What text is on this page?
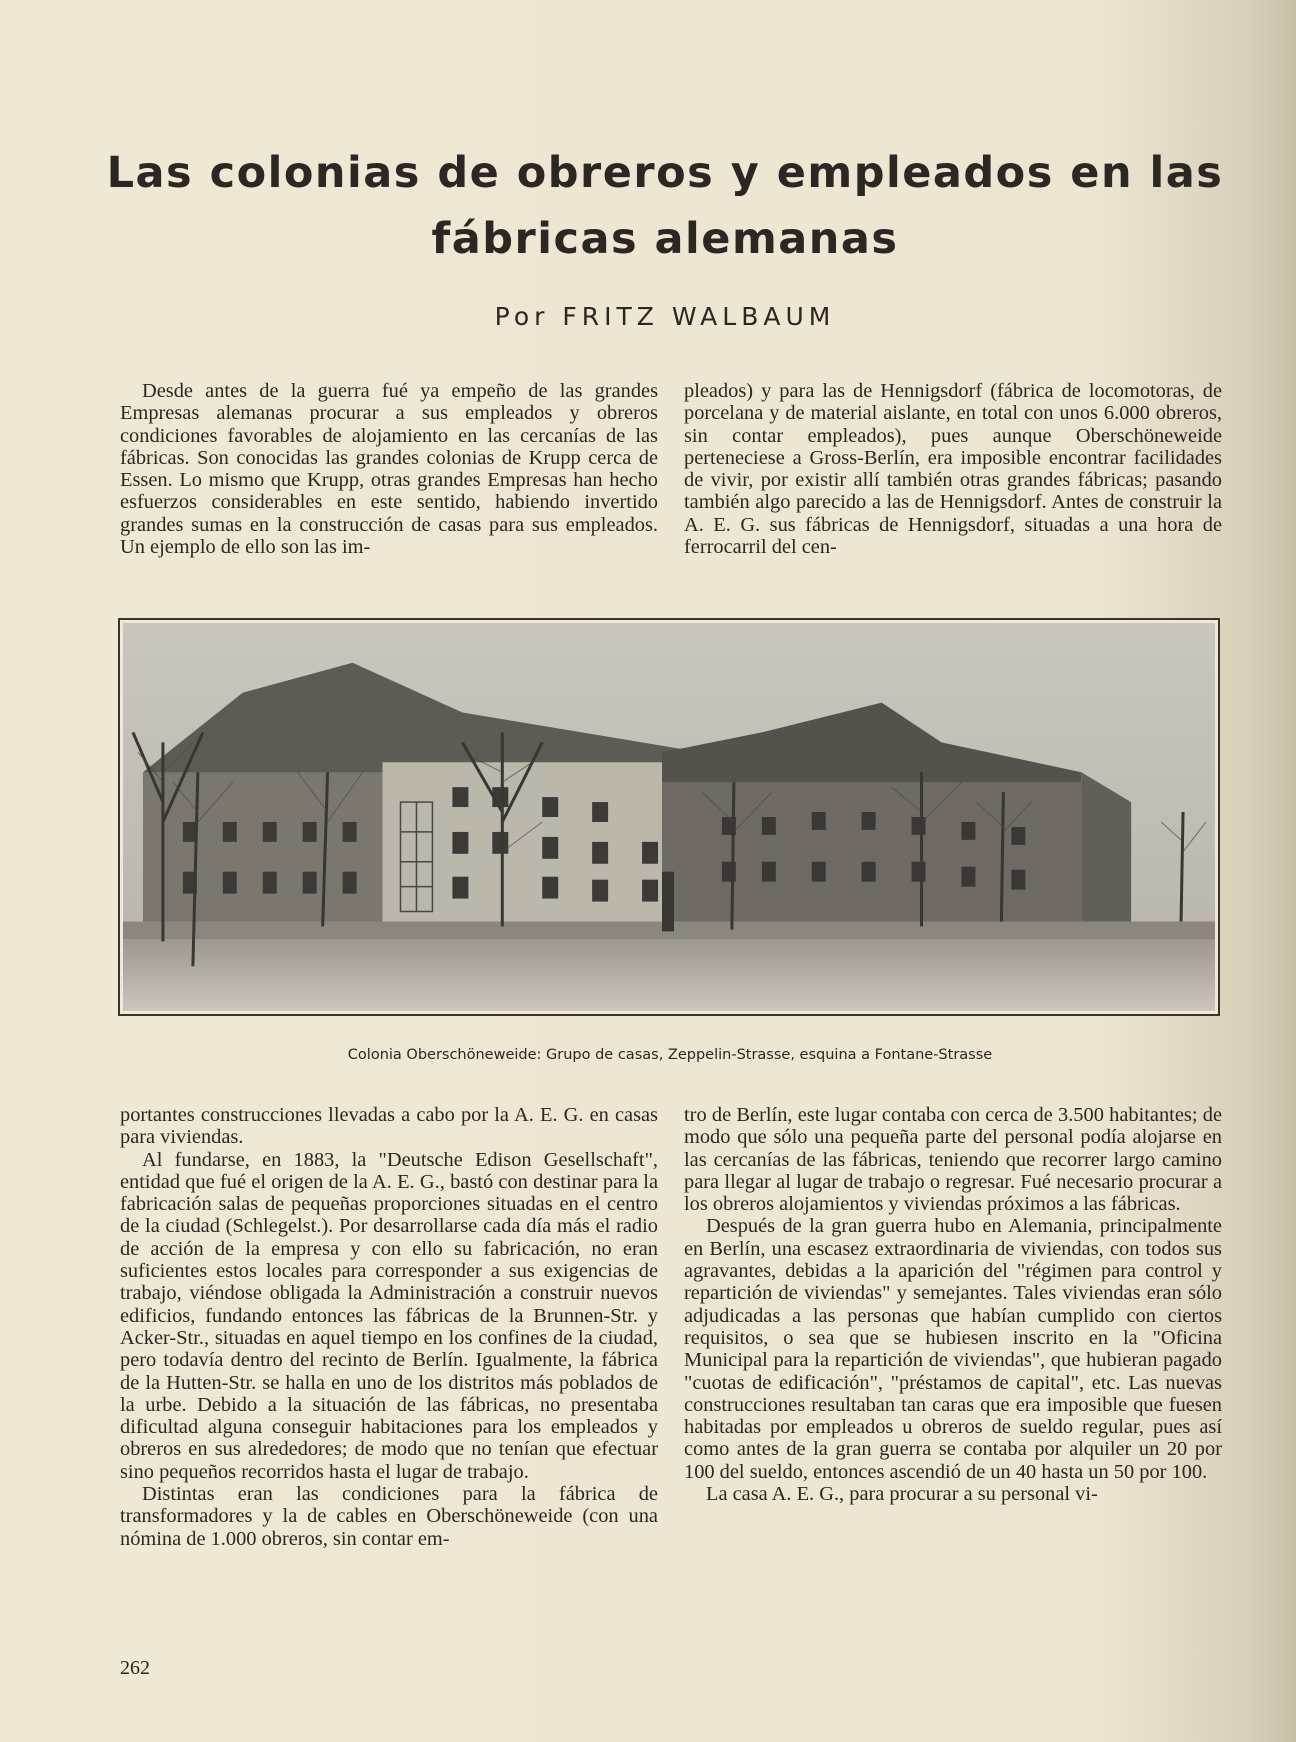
Las colonias de obreros y empleados en las
fábricas alemanas
Por FRITZ WALBAUM

Desde antes de la guerra fué ya empeño de las grandes Empresas alemanas procurar a sus empleados y obreros condiciones favorables de alojamiento en las cercanías de las fábricas. Son conocidas las grandes colonias de Krupp cerca de Essen. Lo mismo que Krupp, otras grandes Empresas han hecho esfuerzos considerables en este sentido, habiendo invertido grandes sumas en la construcción de casas para sus empleados. Un ejemplo de ello son las im-

pleados) y para las de Hennigsdorf (fábrica de locomotoras, de porcelana y de material aislante, en total con unos 6.000 obreros, sin contar empleados), pues aunque Oberschöneweide perteneciese a Gross-Berlín, era imposible encontrar facilidades de vivir, por existir allí también otras grandes fábricas; pasando también algo parecido a las de Hennigsdorf. Antes de construir la A. E. G. sus fábricas de Hennigsdorf, situadas a una hora de ferrocarril del cen-

Colonia Oberschöneweide: Grupo de casas, Zeppelin-Strasse, esquina a Fontane-Strasse

portantes construcciones llevadas a cabo por la A. E. G. en casas para viviendas.

Al fundarse, en 1883, la "Deutsche Edison Gesellschaft", entidad que fué el origen de la A. E. G., bastó con destinar para la fabricación salas de pequeñas proporciones situadas en el centro de la ciudad (Schlegelst.). Por desarrollarse cada día más el radio de acción de la empresa y con ello su fabricación, no eran suficientes estos locales para corresponder a sus exigencias de trabajo, viéndose obligada la Administración a construir nuevos edificios, fundando entonces las fábricas de la Brunnen-Str. y Acker-Str., situadas en aquel tiempo en los confines de la ciudad, pero todavía dentro del recinto de Berlín. Igualmente, la fábrica de la Hutten-Str. se halla en uno de los distritos más poblados de la urbe. Debido a la situación de las fábricas, no presentaba dificultad alguna conseguir habitaciones para los empleados y obreros en sus alrededores; de modo que no tenían que efectuar sino pequeños recorridos hasta el lugar de trabajo.

Distintas eran las condiciones para la fábrica de transformadores y la de cables en Oberschöneweide (con una nómina de 1.000 obreros, sin contar em-

tro de Berlín, este lugar contaba con cerca de 3.500 habitantes; de modo que sólo una pequeña parte del personal podía alojarse en las cercanías de las fábricas, teniendo que recorrer largo camino para llegar al lugar de trabajo o regresar. Fué necesario procurar a los obreros alojamientos y viviendas próximos a las fábricas.

Después de la gran guerra hubo en Alemania, principalmente en Berlín, una escasez extraordinaria de viviendas, con todos sus agravantes, debidas a la aparición del "régimen para control y repartición de viviendas" y semejantes. Tales viviendas eran sólo adjudicadas a las personas que habían cumplido con ciertos requisitos, o sea que se hubiesen inscrito en la "Oficina Municipal para la repartición de viviendas", que hubieran pagado "cuotas de edificación", "préstamos de capital", etc. Las nuevas construcciones resultaban tan caras que era imposible que fuesen habitadas por empleados u obreros de sueldo regular, pues así como antes de la gran guerra se contaba por alquiler un 20 por 100 del sueldo, entonces ascendió de un 40 hasta un 50 por 100.

La casa A. E. G., para procurar a su personal vi-

262
